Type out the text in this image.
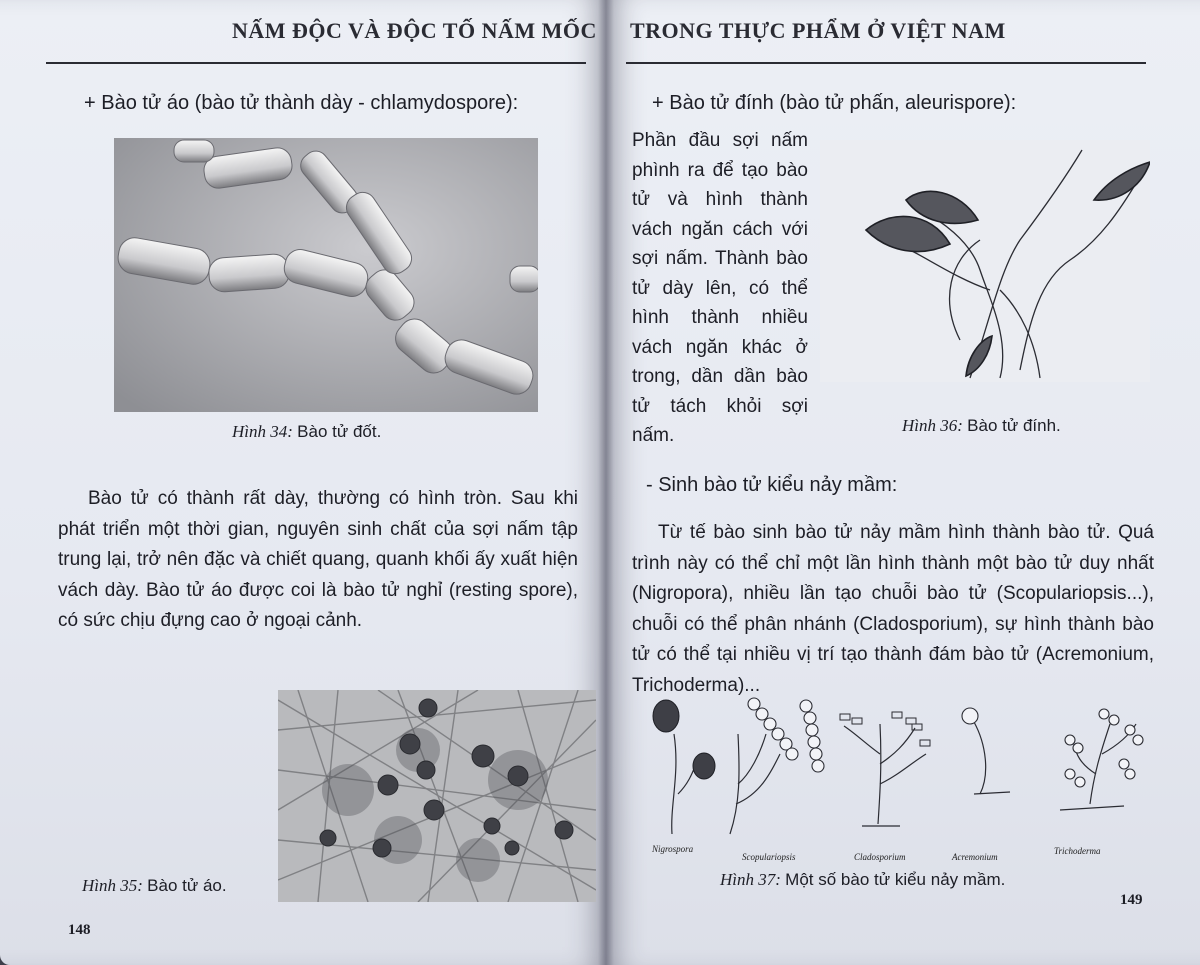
NẤM ĐỘC VÀ ĐỘC TỐ NẤM MỐC
+ Bào tử áo (bào tử thành dày - chlamydospore):
Hình 34: Bào tử đốt.
Bào tử có thành rất dày, thường có hình tròn. Sau khi phát triển một thời gian, nguyên sinh chất của sợi nấm tập trung lại, trở nên đặc và chiết quang, quanh khối ấy xuất hiện vách dày. Bào tử áo được coi là bào tử nghỉ (resting spore), có sức chịu đựng cao ở ngoại cảnh.
Hình 35: Bào tử áo.
148
TRONG THỰC PHẨM Ở VIỆT NAM
+ Bào tử đính (bào tử phấn, aleurispore):
Phần đầu sợi nấm phình ra để tạo bào tử và hình thành vách ngăn cách với sợi nấm. Thành bào tử dày lên, có thể hình thành nhiều vách ngăn khác ở trong, dần dần bào tử tách khỏi sợi nấm.	Hình 36: Bào tử đính.
- Sinh bào tử kiểu nảy mầm:
Từ tế bào sinh bào tử nảy mầm hình thành bào tử. Quá trình này có thể chỉ một lần hình thành một bào tử duy nhất (Nigropora), nhiều lần tạo chuỗi bào tử (Scopulariopsis...), chuỗi có thể phân nhánh (Cladosporium), sự hình thành bào tử có thể tại nhiều vị trí tạo thành đám bào tử (Acremonium, Trichoderma)...
Nigrospora
Scopulariopsis	Cladosporium	Acremonium
Trichoderma
Hình 37: Một số bào tử kiểu nảy mầm.
149
